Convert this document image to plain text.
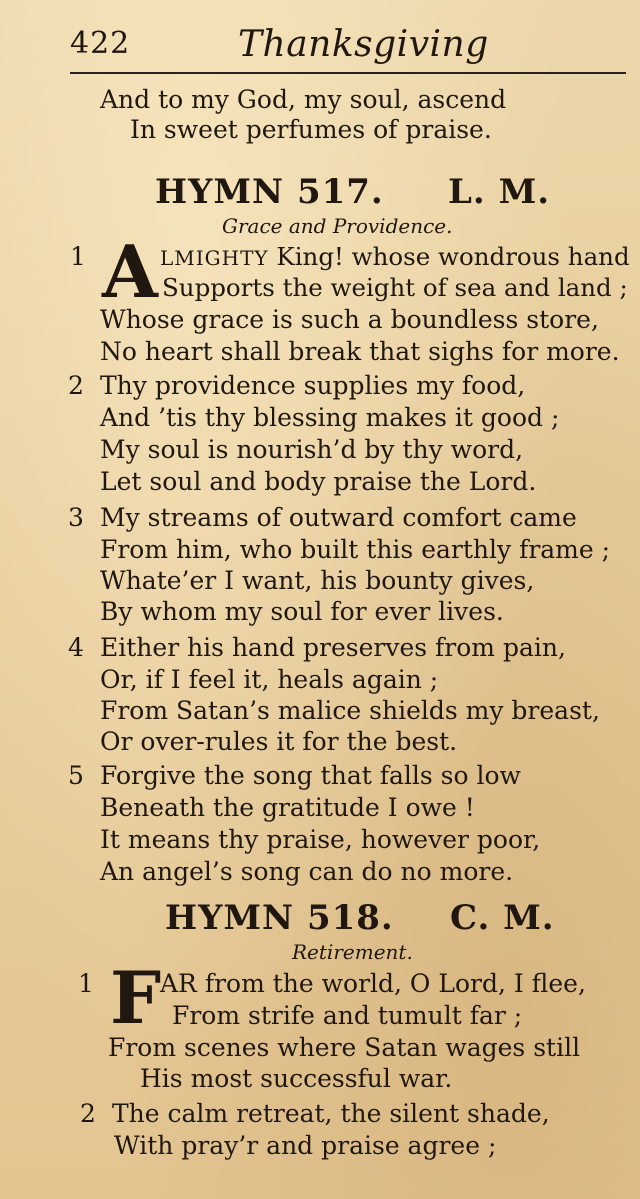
422	Thanksgiving
And to my God, my soul, ascend
In sweet perfumes of praise.
HYMN 517. L. M.
Grace and Providence.
1 A LMIGHTY King! whose wondrous hand
Supports the weight of sea and land ;
Whose grace is such a boundless store,
No heart shall break that sighs for more.
2 Thy providence supplies my food,
And ’tis thy blessing makes it good ;
My soul is nourish’d by thy word,
Let soul and body praise the Lord.
3 My streams of outward comfort came
From him, who built this earthly frame ;
Whate’er I want, his bounty gives,
By whom my soul for ever lives.
4 Either his hand preserves from pain,
Or, if I feel it, heals again ;
From Satan’s malice shields my breast,
Or over-rules it for the best.
5 Forgive the song that falls so low
Beneath the gratitude I owe !
It means thy praise, however poor,
An angel’s song can do no more.
HYMN 518. C. M.
Retirement.
1 F
AR from the world, O Lord, I flee,
From strife and tumult far ;
From scenes where Satan wages still
His most successful war.
2 The calm retreat, the silent shade,
With pray’r and praise agree ;
